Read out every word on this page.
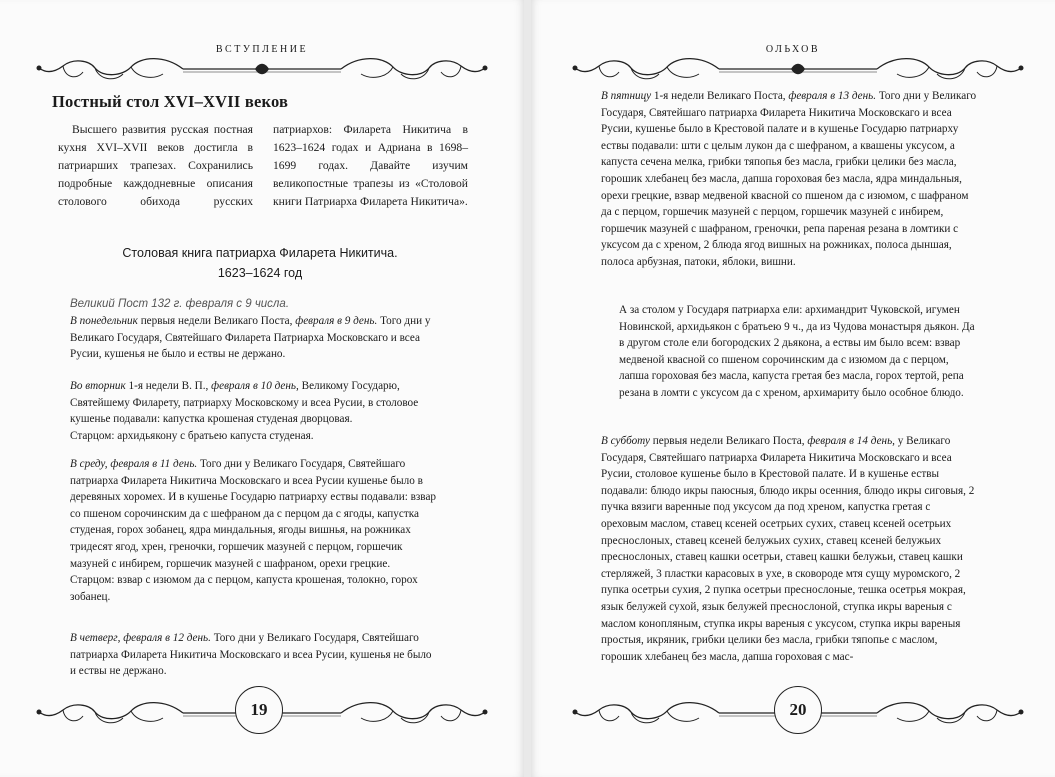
ВСТУПЛЕНИЕ
Постный стол XVI–XVII веков

Высшего развития русская постная кухня XVI–XVII веков достигла в патриарших трапезах. Сохранились подробные каждодневные описания столового обихода русских патриархов: Филарета Никитича в 1623–1624 годах и Адриана в 1698–1699 годах. Давайте изучим великопостные трапезы из «Столовой книги Патриарха Филарета Никитича».

Столовая книга патриарха Филарета Никитича.
1623–1624 год

Великий Пост 132 г. февраля с 9 числа.

В понедельник первыя недели Великаго Поста, февраля в 9 день. Того дни у Великаго Государя, Святейшаго Филарета Патриарха Московскаго и всеа Русии, кушенья не было и ествы не держано.

Во вторник 1-я недели В. П., февраля в 10 день, Великому Государю, Святейшему Филарету, патриарху Московскому и всеа Русии, в столовое кушенье подавали: капустка крошеная студеная дворцовая.

Старцом: архидьякону с братьею капуста студеная.

В среду, февраля в 11 день. Того дни у Великаго Государя, Святейшаго патриарха Филарета Никитича Московскаго и всеа Русии кушенье было в деревяных хоромех. И в кушенье Государю патриарху ествы подавали: взвар со пшеном сорочинским да с шефраном да с перцом да с ягоды, капустка студеная, горох зобанец, ядра миндальныя, ягоды вишнья, на рожниках тридесят ягод, хрен, греночки, горшечик мазуней с перцом, горшечик мазуней с инбирем, горшечик мазуней с шафраном, орехи грецкие.

Старцом: взвар с изюмом да с перцом, капуста крошеная, толокно, горох зобанец.

В четверг, февраля в 12 день. Того дни у Великаго Государя, Святейшаго патриарха Филарета Никитича Московскаго и всеа Русии, кушенья не было и ествы не держано.

19
ОЛЬХОВ
20

В пятницу 1-я недели Великаго Поста, февраля в 13 день. Того дни у Великаго Государя, Святейшаго патриарха Филарета Никитича Московскаго и всеа Русии, кушенье было в Крестовой палате и в кушенье Государю патриарху ествы подавали: шти с целым лукон да с шефраном, а квашены уксусом, а капуста сечена мелка, грибки тяпопья без масла, грибки целики без масла, горошик хлебанец без масла, дапша гороховая без масла, ядра миндальныя, орехи грецкие, взвар медвеной квасной со пшеном да с изюмом, с шафраном да с перцом, горшечик мазуней с перцом, горшечик мазуней с инбирем, горшечик мазуней с шафраном, греночки, репа пареная резана в ломтики с уксусом да с хреном, 2 блюда ягод вишных на рожниках, полоса дыншая, полоса арбузная, патоки, яблоки, вишни.

А за столом у Государя патриарха ели: архимандрит Чуковской, игумен Новинской, архидьякон с братьею 9 ч., да из Чудова монастыря дьякон. Да в другом столе ели богородских 2 дьякона, а ествы им было всем: взвар медвеной квасной со пшеном сорочинским да с изюмом да с перцом, лапша гороховая без масла, капуста гретая без масла, горох тертой, репа резана в ломти с уксусом да с хреном, архимариту было особное блюдо.

В субботу первыя недели Великаго Поста, февраля в 14 день, у Великаго Государя, Святейшаго патриарха Филарета Никитича Московскаго и всеа Русии, столовое кушенье было в Крестовой палате. И в кушенье ествы подавали: блюдо икры паюсныя, блюдо икры осенния, блюдо икры сиговыя, 2 пучка вязиги варенные под уксусом да под хреном, капустка гретая с ореховым маслом, ставец ксеней осетрьих сухих, ставец ксеней осетрьих преснослоных, ставец ксеней белужьих сухих, ставец ксеней белужьих преснослоных, ставец кашки осетрьи, ставец кашки белужьи, ставец кашки стерляжей, 3 пластки карасовых в ухе, в сковороде мтя сущу муромского, 2 пупка осетрьи сухия, 2 пупка осетрьи преснослоные, тешка осетрья мокрая, язык белужей сухой, язык белужей преснослоной, ступка икры вареныя с маслом конопляным, ступка икры вареныя с уксусом, ступка икры вареныя простыя, икряник, грибки целики без масла, грибки тяпопье с маслом, горошик хлебанец без масла, дапша гороховая с мас-
